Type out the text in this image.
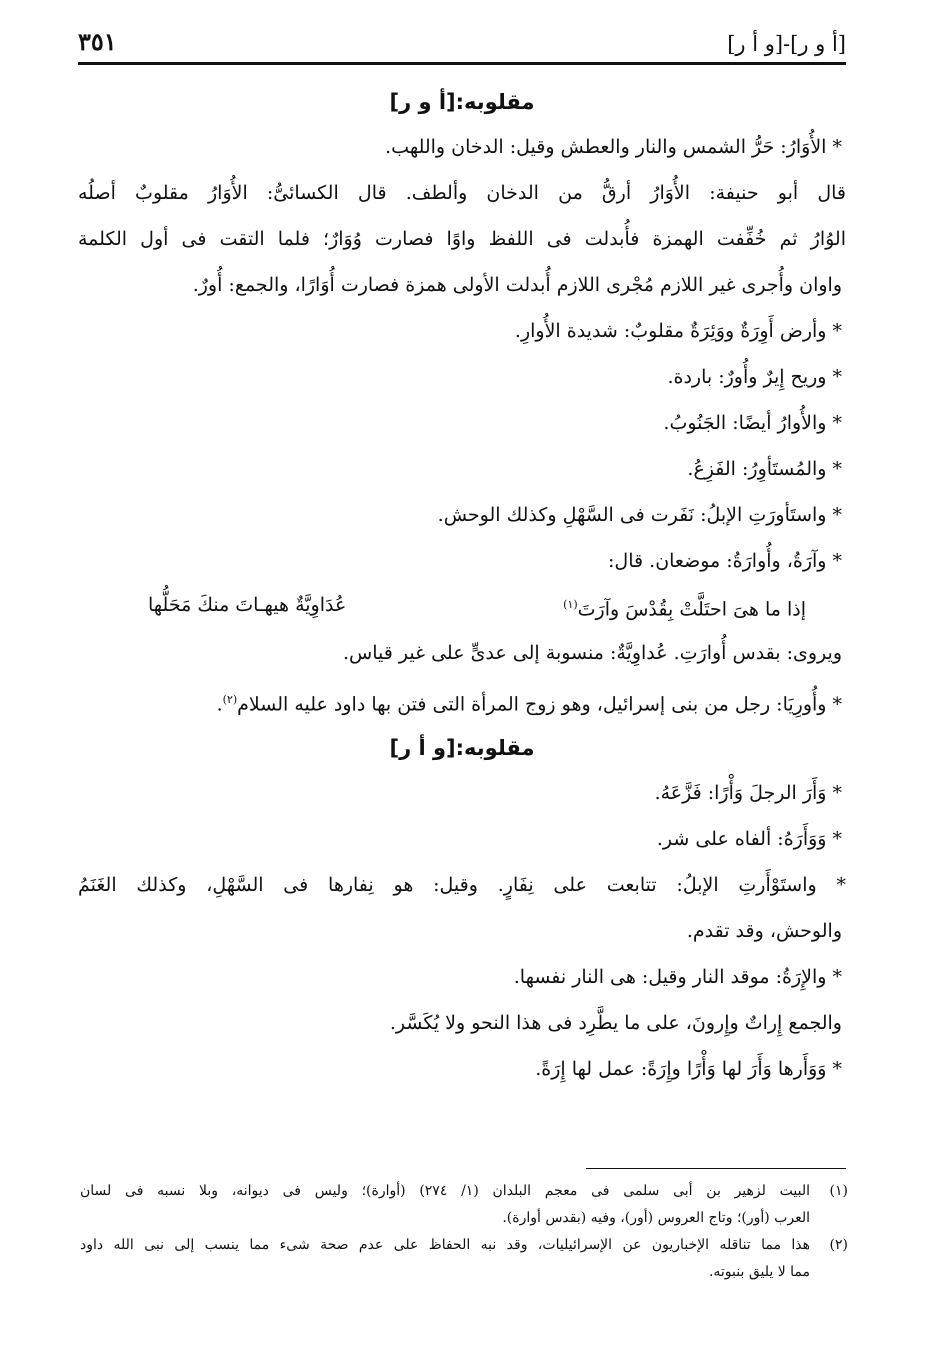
[أ و ر]-[و أ ر]
٣٥١
مقلوبه:[أ و ر]
* الأُوَارُ: حَرُّ الشمس والنار والعطش وقيل: الدخان واللهب.
قال أبو حنيفة: الأُوَارُ أرقُّ من الدخان وألطف. قال الكسائىُّ: الأُوَارُ مقلوبٌ أصلُه
الوُارُ ثم خُفِّفت الهمزة فأُبدلت فى اللفظ واوًا فصارت وُوَارٌ؛ فلما التقت فى أول الكلمة
واوان وأُجرى غير اللازم مُجْرى اللازم أُبدلت الأولى همزة فصارت أُوَارًا، والجمع: أُورٌ.
* وأرض أَوِرَةٌ ووَئِرَةٌ مقلوبٌ: شديدة الأُوارِ.
* وريح إِيرٌ وأُورٌ: باردة.
* والأُوارُ أيضًا: الجَنُوبُ.
* والمُستَأوِرُ: الفَزِعُ.
* واستَأورَتِ الإبلُ: نَفَرت فى السَّهْلِ وكذلك الوحش.
* وآرَةُ، وأُوارَةُ: موضعان. قال:
إذا ما هىَ احتَلَّتْ بِقُدْسَ وآرَتَ$^{(١)}$
عُدَاوِيَّةٌ هيهـاتَ منكَ مَحَلُّها
ويروى: بقدس أُوارَتِ. عُداوِيَّةٌ: منسوبة إلى عدىٍّ على غير قياس.
* وأُورِيَا: رجل من بنى إسرائيل، وهو زوج المرأة التى فتن بها داود عليه السلام$^{(٢)}$.
مقلوبه:[و أ ر]
* وَأَرَ الرجلَ وَأْرًا: فَزَّعَهُ.
* وَوَأَرَهُ: ألفاه على شر.
* واستَوْأَرتِ الإبلُ: تتابعت على نِفَارٍ. وقيل: هو نِفارها فى السَّهْلِ، وكذلك الغَنَمُ
والوحش، وقد تقدم.
* والإِرَةُ: موقد النار وقيل: هى النار نفسها.
والجمع إِراتٌ وإِرونَ، على ما يطَّرِد فى هذا النحو ولا يُكَسَّر.
* وَوَأَرها وَأَرَ لها وَأْرًا وإِرَةً: عمل لها إِرَةً.
(١)
البيت لزهير بن أبى سلمى فى معجم البلدان (١/ ٢٧٤) (أوارة)؛ وليس فى ديوانه، وبلا نسبه فى لسان
العرب (أور)؛ وتاج العروس (أور)، وفيه (بقدس أوارة).
(٢)
هذا مما تناقله الإخباريون عن الإسرائيليات، وقد نبه الحفاظ على عدم صحة شىء مما ينسب إلى نبى الله داود
مما لا يليق بنبوته.
